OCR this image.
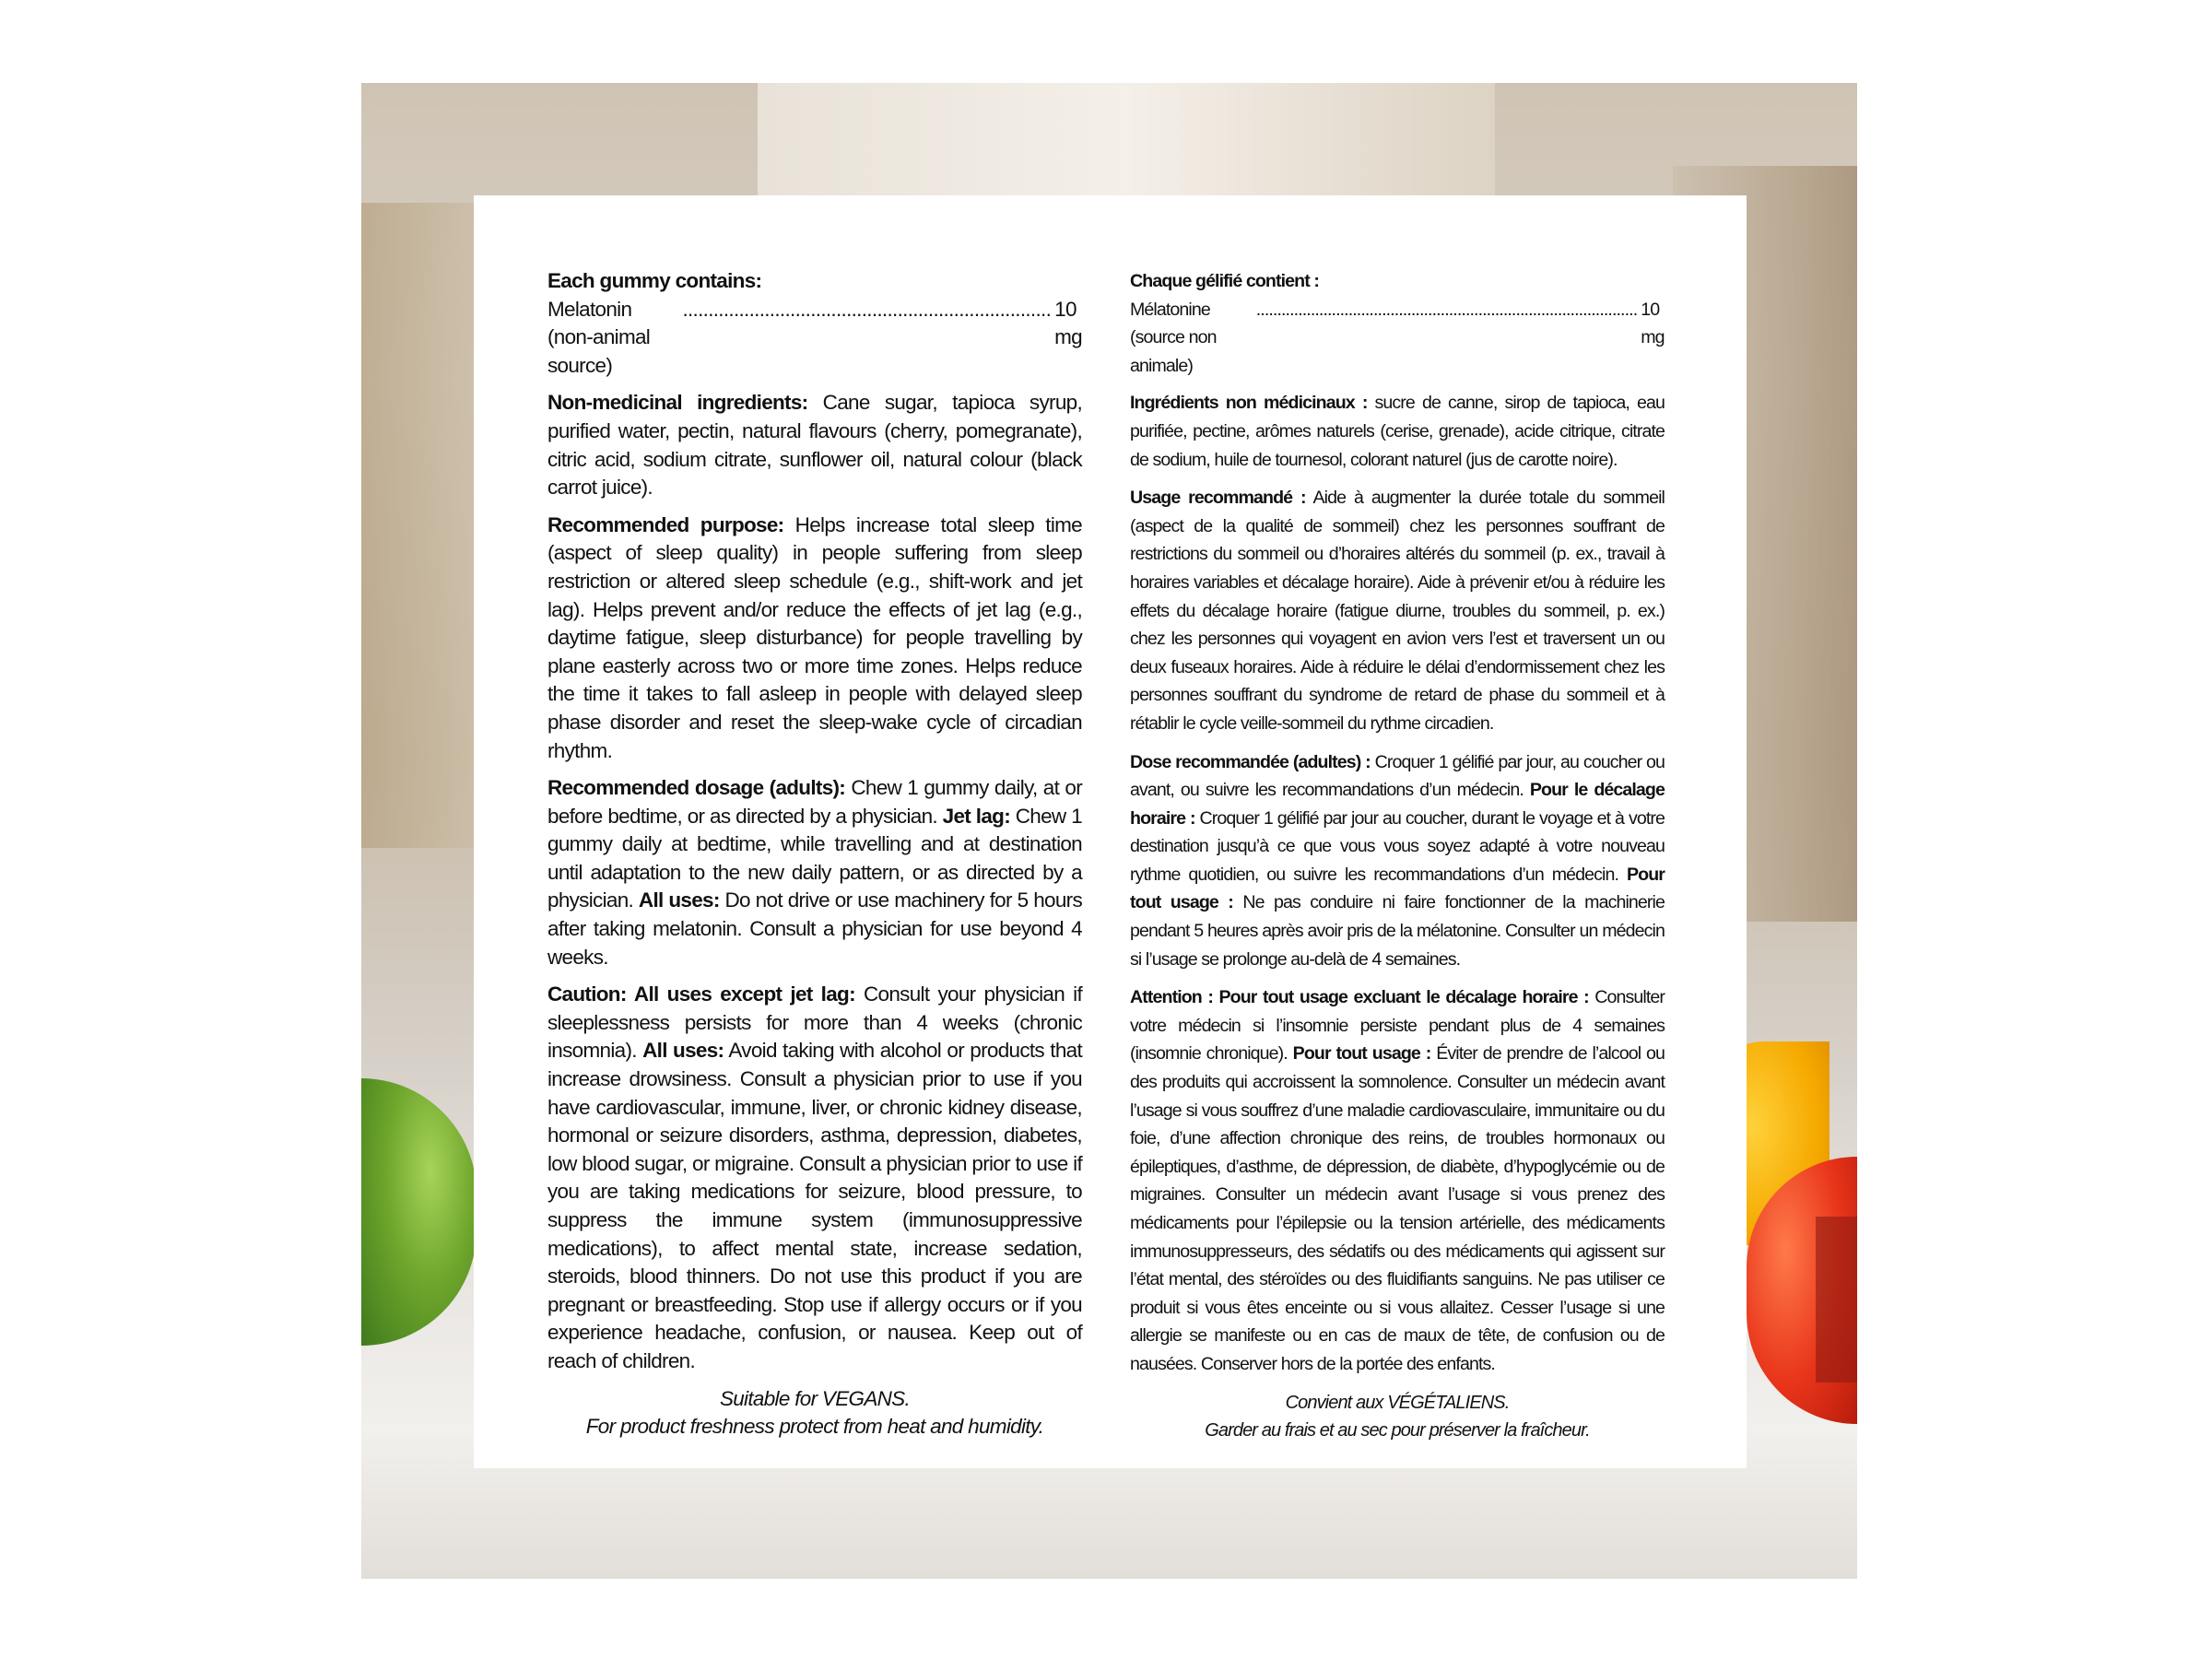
Each gummy contains:
Melatonin (non-animal source)
........................................................................ 10 mg

Non-medicinal ingredients: Cane sugar, tapioca syrup, purified water, pectin, natural flavours (cherry, pomegranate), citric acid, sodium citrate, sunflower oil, natural colour (black carrot juice).

Recommended purpose: Helps increase total sleep time (aspect of sleep quality) in people suffering from sleep restriction or altered sleep schedule (e.g., shift-work and jet lag). Helps prevent and/or reduce the effects of jet lag (e.g., daytime fatigue, sleep disturbance) for people travelling by plane easterly across two or more time zones. Helps reduce the time it takes to fall asleep in people with delayed sleep phase disorder and reset the sleep-wake cycle of circadian rhythm.

Recommended dosage (adults): Chew 1 gummy daily, at or before bedtime, or as directed by a physician. Jet lag: Chew 1 gummy daily at bedtime, while travelling and at destination until adaptation to the new daily pattern, or as directed by a physician. All uses: Do not drive or use machinery for 5 hours after taking melatonin. Consult a physician for use beyond 4 weeks.

Caution: All uses except jet lag: Consult your physician if sleeplessness persists for more than 4 weeks (chronic insomnia). All uses: Avoid taking with alcohol or products that increase drowsiness. Consult a physician prior to use if you have cardiovascular, immune, liver, or chronic kidney disease, hormonal or seizure disorders, asthma, depression, diabetes, low blood sugar, or migraine. Consult a physician prior to use if you are taking medications for seizure, blood pressure, to suppress the immune system (immunosuppressive medications), to affect mental state, increase sedation, steroids, blood thinners. Do not use this product if you are pregnant or breastfeeding. Stop use if allergy occurs or if you experience headache, confusion, or nausea. Keep out of reach of children.

Suitable for VEGANS.

For product freshness protect from heat and humidity.

Chaque gélifié contient :
Mélatonine (source non animale)
........................................................................................... 10 mg

Ingrédients non médicinaux : sucre de canne, sirop de tapioca, eau purifiée, pectine, arômes naturels (cerise, grenade), acide citrique, citrate de sodium, huile de tournesol, colorant naturel (jus de carotte noire).

Usage recommandé : Aide à augmenter la durée totale du sommeil (aspect de la qualité de sommeil) chez les personnes souffrant de restrictions du sommeil ou d’horaires altérés du sommeil (p. ex., travail à horaires variables et décalage horaire). Aide à prévenir et/ou à réduire les effets du décalage horaire (fatigue diurne, troubles du sommeil, p. ex.) chez les personnes qui voyagent en avion vers l’est et traversent un ou deux fuseaux horaires. Aide à réduire le délai d’endormissement chez les personnes souffrant du syndrome de retard de phase du sommeil et à rétablir le cycle veille-sommeil du rythme circadien.

Dose recommandée (adultes) : Croquer 1 gélifié par jour, au coucher ou avant, ou suivre les recommandations d’un médecin. Pour le décalage horaire : Croquer 1 gélifié par jour au coucher, durant le voyage et à votre destination jusqu’à ce que vous vous soyez adapté à votre nouveau rythme quotidien, ou suivre les recommandations d’un médecin. Pour tout usage : Ne pas conduire ni faire fonctionner de la machinerie pendant 5 heures après avoir pris de la mélatonine. Consulter un médecin si l’usage se prolonge au-delà de 4 semaines.

Attention : Pour tout usage excluant le décalage horaire : Consulter votre médecin si l’insomnie persiste pendant plus de 4 semaines (insomnie chronique). Pour tout usage : Éviter de prendre de l’alcool ou des produits qui accroissent la somnolence. Consulter un médecin avant l’usage si vous souffrez d’une maladie cardiovasculaire, immunitaire ou du foie, d’une affection chronique des reins, de troubles hormonaux ou épileptiques, d’asthme, de dépression, de diabète, d’hypoglycémie ou de migraines. Consulter un médecin avant l’usage si vous prenez des médicaments pour l’épilepsie ou la tension artérielle, des médicaments immunosuppresseurs, des sédatifs ou des médicaments qui agissent sur l’état mental, des stéroïdes ou des fluidifiants sanguins. Ne pas utiliser ce produit si vous êtes enceinte ou si vous allaitez. Cesser l’usage si une allergie se manifeste ou en cas de maux de tête, de confusion ou de nausées. Conserver hors de la portée des enfants.

Convient aux VÉGÉTALIENS.

Garder au frais et au sec pour préserver la fraîcheur.
